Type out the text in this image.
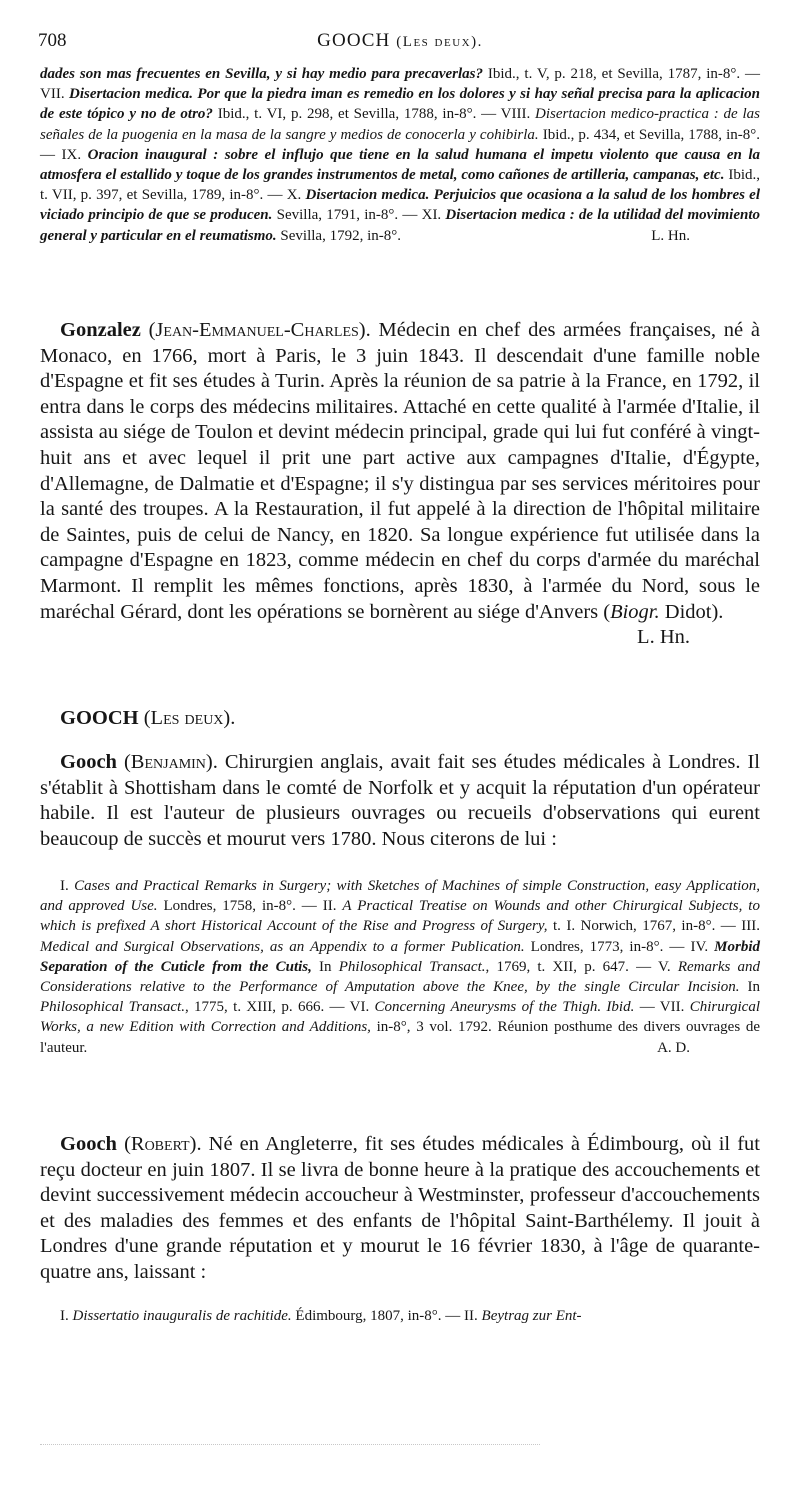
708	GOOCH (Les deux).
dades son mas frecuentes en Sevilla, y si hay medio para precaverlas? Ibid., t. V, p. 218, et Sevilla, 1787, in-8°. — VII. Disertacion medica. Por que la piedra iman es remedio en los dolores y si hay señal precisa para la aplicacion de este tópico y no de otro? Ibid., t. VI, p. 298, et Sevilla, 1788, in-8°. — VIII. Disertacion medico-practica : de las señales de la puogenia en la masa de la sangre y medios de conocerla y cohibirla. Ibid., p. 434, et Sevilla, 1788, in-8°. — IX. Oracion inaugural : sobre el influjo que tiene en la salud humana el impetu violento que causa en la atmosfera el estallido y toque de los grandes instrumentos de metal, como cañones de artilleria, campanas, etc. Ibid., t. VII, p. 397, et Sevilla, 1789, in-8°. — X. Disertacion medica. Perjuicios que ocasiona a la salud de los hombres el viciado principio de que se producen. Sevilla, 1791, in-8°. — XI. Disertacion medica : de la utilidad del movimiento general y particular en el reumatismo. Sevilla, 1792, in-8°.	L. Hn.
Gonzalez (Jean-Emmanuel-Charles). Médecin en chef des armées françaises, né à Monaco, en 1766, mort à Paris, le 3 juin 1843. Il descendait d'une famille noble d'Espagne et fit ses études à Turin. Après la réunion de sa patrie à la France, en 1792, il entra dans le corps des médecins militaires. Attaché en cette qualité à l'armée d'Italie, il assista au siége de Toulon et devint médecin principal, grade qui lui fut conféré à vingt-huit ans et avec lequel il prit une part active aux campagnes d'Italie, d'Égypte, d'Allemagne, de Dalmatie et d'Espagne; il s'y distingua par ses services méritoires pour la santé des troupes. A la Restauration, il fut appelé à la direction de l'hôpital militaire de Saintes, puis de celui de Nancy, en 1820. Sa longue expérience fut utilisée dans la campagne d'Espagne en 1823, comme médecin en chef du corps d'armée du maréchal Marmont. Il remplit les mêmes fonctions, après 1830, à l'armée du Nord, sous le maréchal Gérard, dont les opérations se bornèrent au siége d'Anvers (Biogr. Didot).
L. Hn.
GOOCH (Les deux).
Gooch (Benjamin). Chirurgien anglais, avait fait ses études médicales à Londres. Il s'établit à Shottisham dans le comté de Norfolk et y acquit la réputation d'un opérateur habile. Il est l'auteur de plusieurs ouvrages ou recueils d'observations qui eurent beaucoup de succès et mourut vers 1780. Nous citerons de lui :
I. Cases and Practical Remarks in Surgery; with Sketches of Machines of simple Construction, easy Application, and approved Use. Londres, 1758, in-8°. — II. A Practical Treatise on Wounds and other Chirurgical Subjects, to which is prefixed A short Historical Account of the Rise and Progress of Surgery, t. I. Norwich, 1767, in-8°. — III. Medical and Surgical Observations, as an Appendix to a former Publication. Londres, 1773, in-8°. — IV. Morbid Separation of the Cuticle from the Cutis, In Philosophical Transact., 1769, t. XII, p. 647. — V. Remarks and Considerations relative to the Performance of Amputation above the Knee, by the single Circular Incision. In Philosophical Transact., 1775, t. XIII, p. 666. — VI. Concerning Aneurysms of the Thigh. Ibid. — VII. Chirurgical Works, a new Edition with Correction and Additions, in-8°, 3 vol. 1792. Réunion posthume des divers ouvrages de l'auteur.	A. D.
Gooch (Robert). Né en Angleterre, fit ses études médicales à Édimbourg, où il fut reçu docteur en juin 1807. Il se livra de bonne heure à la pratique des accouchements et devint successivement médecin accoucheur à Westminster, professeur d'accouchements et des maladies des femmes et des enfants de l'hôpital Saint-Barthélemy. Il jouit à Londres d'une grande réputation et y mourut le 16 février 1830, à l'âge de quarante-quatre ans, laissant :
I. Dissertatio inauguralis de rachitide. Édimbourg, 1807, in-8°. — II. Beytrag zur Ent-
